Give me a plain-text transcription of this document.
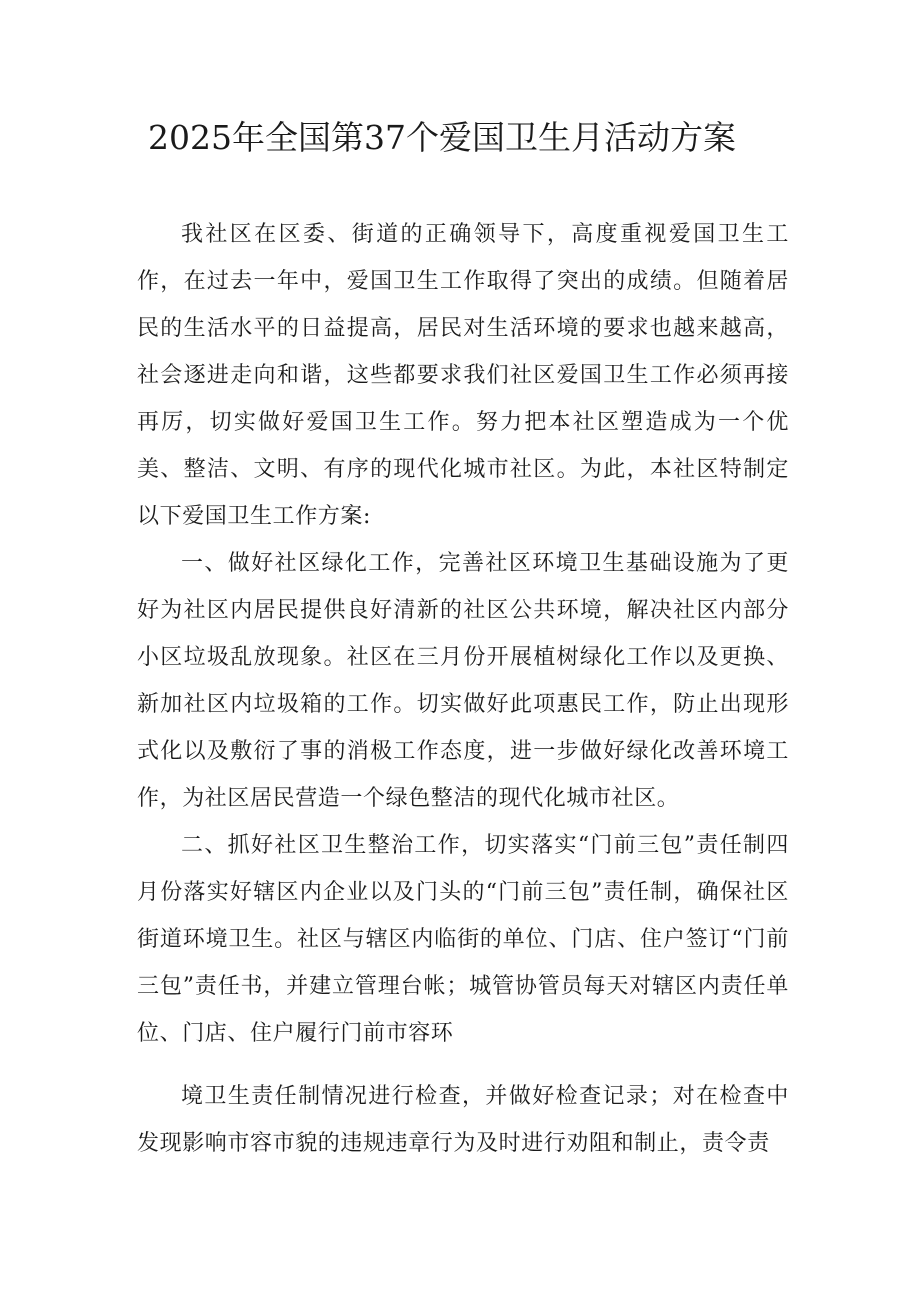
2025年全国第37个爱国卫生月活动方案

我社区在区委、街道的正确领导下，高度重视爱国卫生工作，在过去一年中，爱国卫生工作取得了突出的成绩。但随着居民的生活水平的日益提高，居民对生活环境的要求也越来越高，社会逐进走向和谐，这些都要求我们社区爱国卫生工作必须再接再厉，切实做好爱国卫生工作。努力把本社区塑造成为一个优美、整洁、文明、有序的现代化城市社区。为此，本社区特制定以下爱国卫生工作方案:

一、做好社区绿化工作，完善社区环境卫生基础设施为了更好为社区内居民提供良好清新的社区公共环境，解决社区内部分小区垃圾乱放现象。社区在三月份开展植树绿化工作以及更换、新加社区内垃圾箱的工作。切实做好此项惠民工作，防止出现形式化以及敷衍了事的消极工作态度，进一步做好绿化改善环境工作，为社区居民营造一个绿色整洁的现代化城市社区。

二、抓好社区卫生整治工作，切实落实“门前三包”责任制四月份落实好辖区内企业以及门头的“门前三包”责任制，确保社区街道环境卫生。社区与辖区内临街的单位、门店、住户签订“门前三包”责任书，并建立管理台帐；城管协管员每天对辖区内责任单位、门店、住户履行门前市容环

境卫生责任制情况进行检查，并做好检查记录；对在检查中发现影响市容市貌的违规违章行为及时进行劝阻和制止，责令责
